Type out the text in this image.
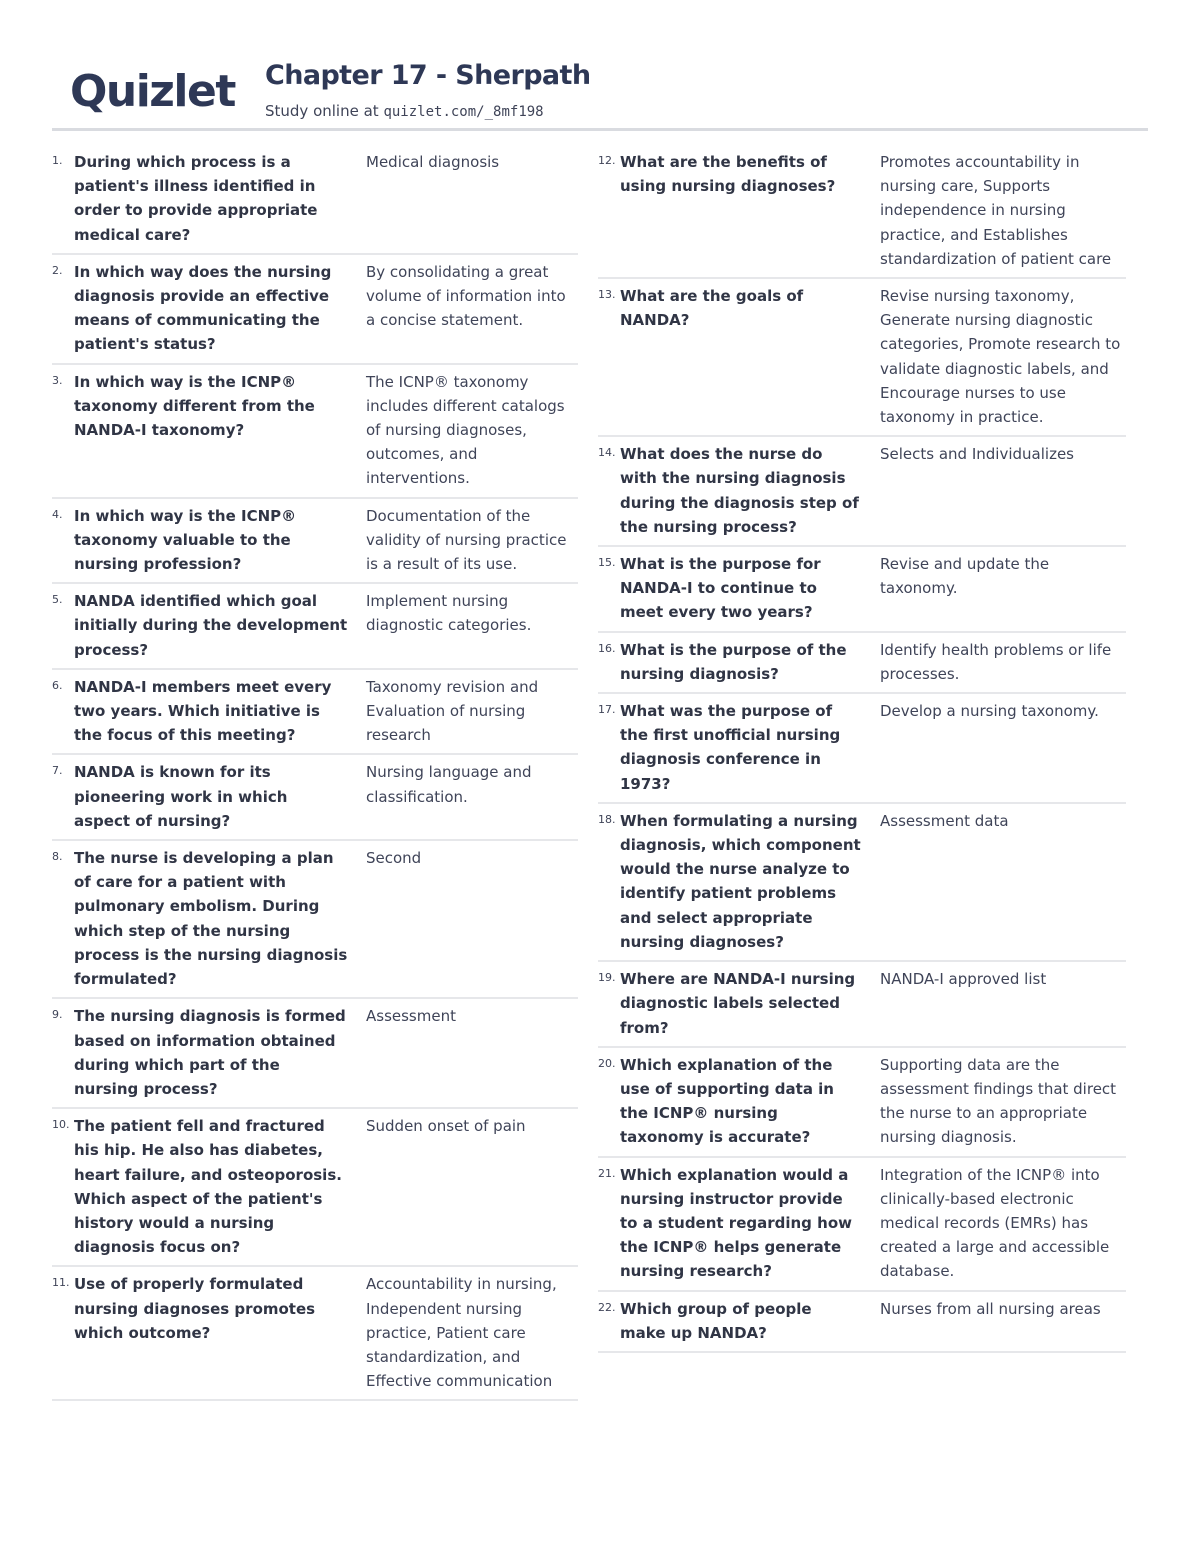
Quizlet Chapter 17 - Sherpath
Study online at quizlet.com/_8mf198
1. During which process is a patient's illness identified in order to provide appropriate medical care?
Medical diagnosis
2. In which way does the nursing diagnosis provide an effective means of communicating the patient's status?
By consolidating a great volume of information into a concise statement.
3. In which way is the ICNP® taxonomy different from the NANDA-I taxonomy?
The ICNP® taxonomy includes different catalogs of nursing diagnoses, outcomes, and interventions.
4. In which way is the ICNP® taxonomy valuable to the nursing profession?
Documentation of the validity of nursing practice is a result of its use.
5. NANDA identified which goal initially during the development process?
Implement nursing diagnostic categories.
6. NANDA-I members meet every two years. Which initiative is the focus of this meeting?
Taxonomy revision and Evaluation of nursing research
7. NANDA is known for its pioneering work in which aspect of nursing?
Nursing language and classification.
8. The nurse is developing a plan of care for a patient with pulmonary embolism. During which step of the nursing process is the nursing diagnosis formulated?
Second
9. The nursing diagnosis is formed based on information obtained during which part of the nursing process?
Assessment
10. The patient fell and fractured his hip. He also has diabetes, heart failure, and osteoporosis. Which aspect of the patient's history would a nursing diagnosis focus on?
Sudden onset of pain
11. Use of properly formulated nursing diagnoses promotes which outcome?
Accountability in nursing, Independent nursing practice, Patient care standardization, and Effective communication
12. What are the benefits of using nursing diagnoses?
Promotes accountability in nursing care, Supports independence in nursing practice, and Establishes standardization of patient care
13. What are the goals of NANDA?
Revise nursing taxonomy, Generate nursing diagnostic categories, Promote research to validate diagnostic labels, and Encourage nurses to use taxonomy in practice.
14. What does the nurse do with the nursing diagnosis during the diagnosis step of the nursing process?
Selects and Individualizes
15. What is the purpose for NANDA-I to continue to meet every two years?
Revise and update the taxonomy.
16. What is the purpose of the nursing diagnosis?
Identify health problems or life processes.
17. What was the purpose of the first unofficial nursing diagnosis conference in 1973?
Develop a nursing taxonomy.
18. When formulating a nursing diagnosis, which component would the nurse analyze to identify patient problems and select appropriate nursing diagnoses?
Assessment data
19. Where are NANDA-I nursing diagnostic labels selected from?
NANDA-I approved list
20. Which explanation of the use of supporting data in the ICNP® nursing taxonomy is accurate?
Supporting data are the assessment findings that direct the nurse to an appropriate nursing diagnosis.
21. Which explanation would a nursing instructor provide to a student regarding how the ICNP® helps generate nursing research?
Integration of the ICNP® into clinically-based electronic medical records (EMRs) has created a large and accessible database.
22. Which group of people make up NANDA?
Nurses from all nursing areas
